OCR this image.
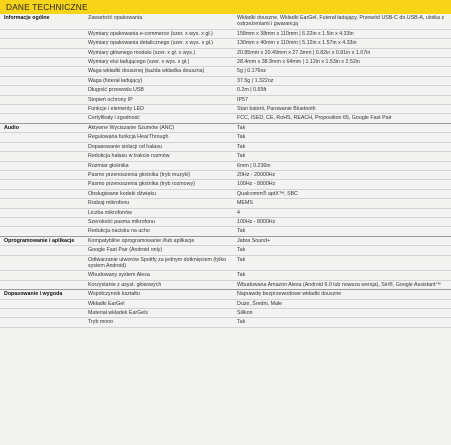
DANE TECHNICZNE
Informacje ogólne	Zawartość opakowania	Wkładki douszne, Wkładki EarGel, Futerał ładujący, Przewód USB-C do USB-A, ulotka z ostrzeżeniami i gwarancją
	Wymiary opakowania e-commerce (szer. x wys. x gł.)	158mm x 38mm x 110mm | 6.22in x 1.5in x 4.33in
	Wymiary opakowania detalicznego (szer. x wys. x gł.)	130mm x 40mm x 110mm | 5.12in x 1.57in x 4.33in
	Wymiary głównego modułu (szer. x gł. x wys.)	20.85mm x 20.49mm x 27.3mm | 0.82in x 0.81in x 1.07in
	Wymiary etui ładującego (szer. x wys. x gł.)	28.4mm x 38.9mm x 64mm | 1.12in x 1.53in x 2.52in
	Waga wkładki dousznej (każda wkładka douszna)	5g | 0.176oz
	Waga (futerał ładujący)	37.5g | 1.322oz
	Długość przewodu USB	0.2m | 0.65ft
	Stopień ochrony IP	IP57
	Funkcje i elementy LED	Stan baterii, Parowanie Bluetooth
	Certyfikaty i zgodność	FCC, ISED, CE, RoHS, REACH, Proposition 65, Google Fast Pair
Audio	Aktywne Wyciszanie Szumów (ANC)	Tak
	Regulowana funkcja HearThrough	Tak
	Dopasowanie izolacji od hałasu	Tak
	Redukcja hałasu w trakcie rozmów	Tak
	Rozmiar głośnika	6mm | 0.236in
	Pasmo przenoszenia głośnika (tryb muzyki)	20Hz - 20000Hz
	Pasmo przenoszenia głośnika (tryb rozmowy)	100Hz - 8000Hz
	Obsługiwane kodeki dźwięku	Qualcomm® aptX™, SBC
	Rodzaj mikrofonu	MEMS
	Liczba mikrofonów	4
	Szerokość pasma mikrofonu	100Hz - 8000Hz
	Redukcja nacisku na ucho	Tak
Oprogramowanie i aplikacje	Kompatybilne oprogramowanie i/lub aplikacje	Jabra Sound+
	Google Fast Pair (Android only)	Tak
	Odtwarzanie utworów Spotify za jednym dotknięciem (tylko system Android)	Tak
	Wbudowany system Alexa	Tak
	Korzystanie z asyst. głosowych	Wbudowana Amazon Alexa (Android 6.0 lub nowsza wersja), Siri®, Google Assistant™
Dopasowanie i wygoda	Współczynnik kształtu	Naprawdę bezprzewodowe wkładki douszne
	Wkładki EarGel	Duże, Średni, Małe
	Materiał wkładek EarGels	Silikon
	Tryb mono	Tak
